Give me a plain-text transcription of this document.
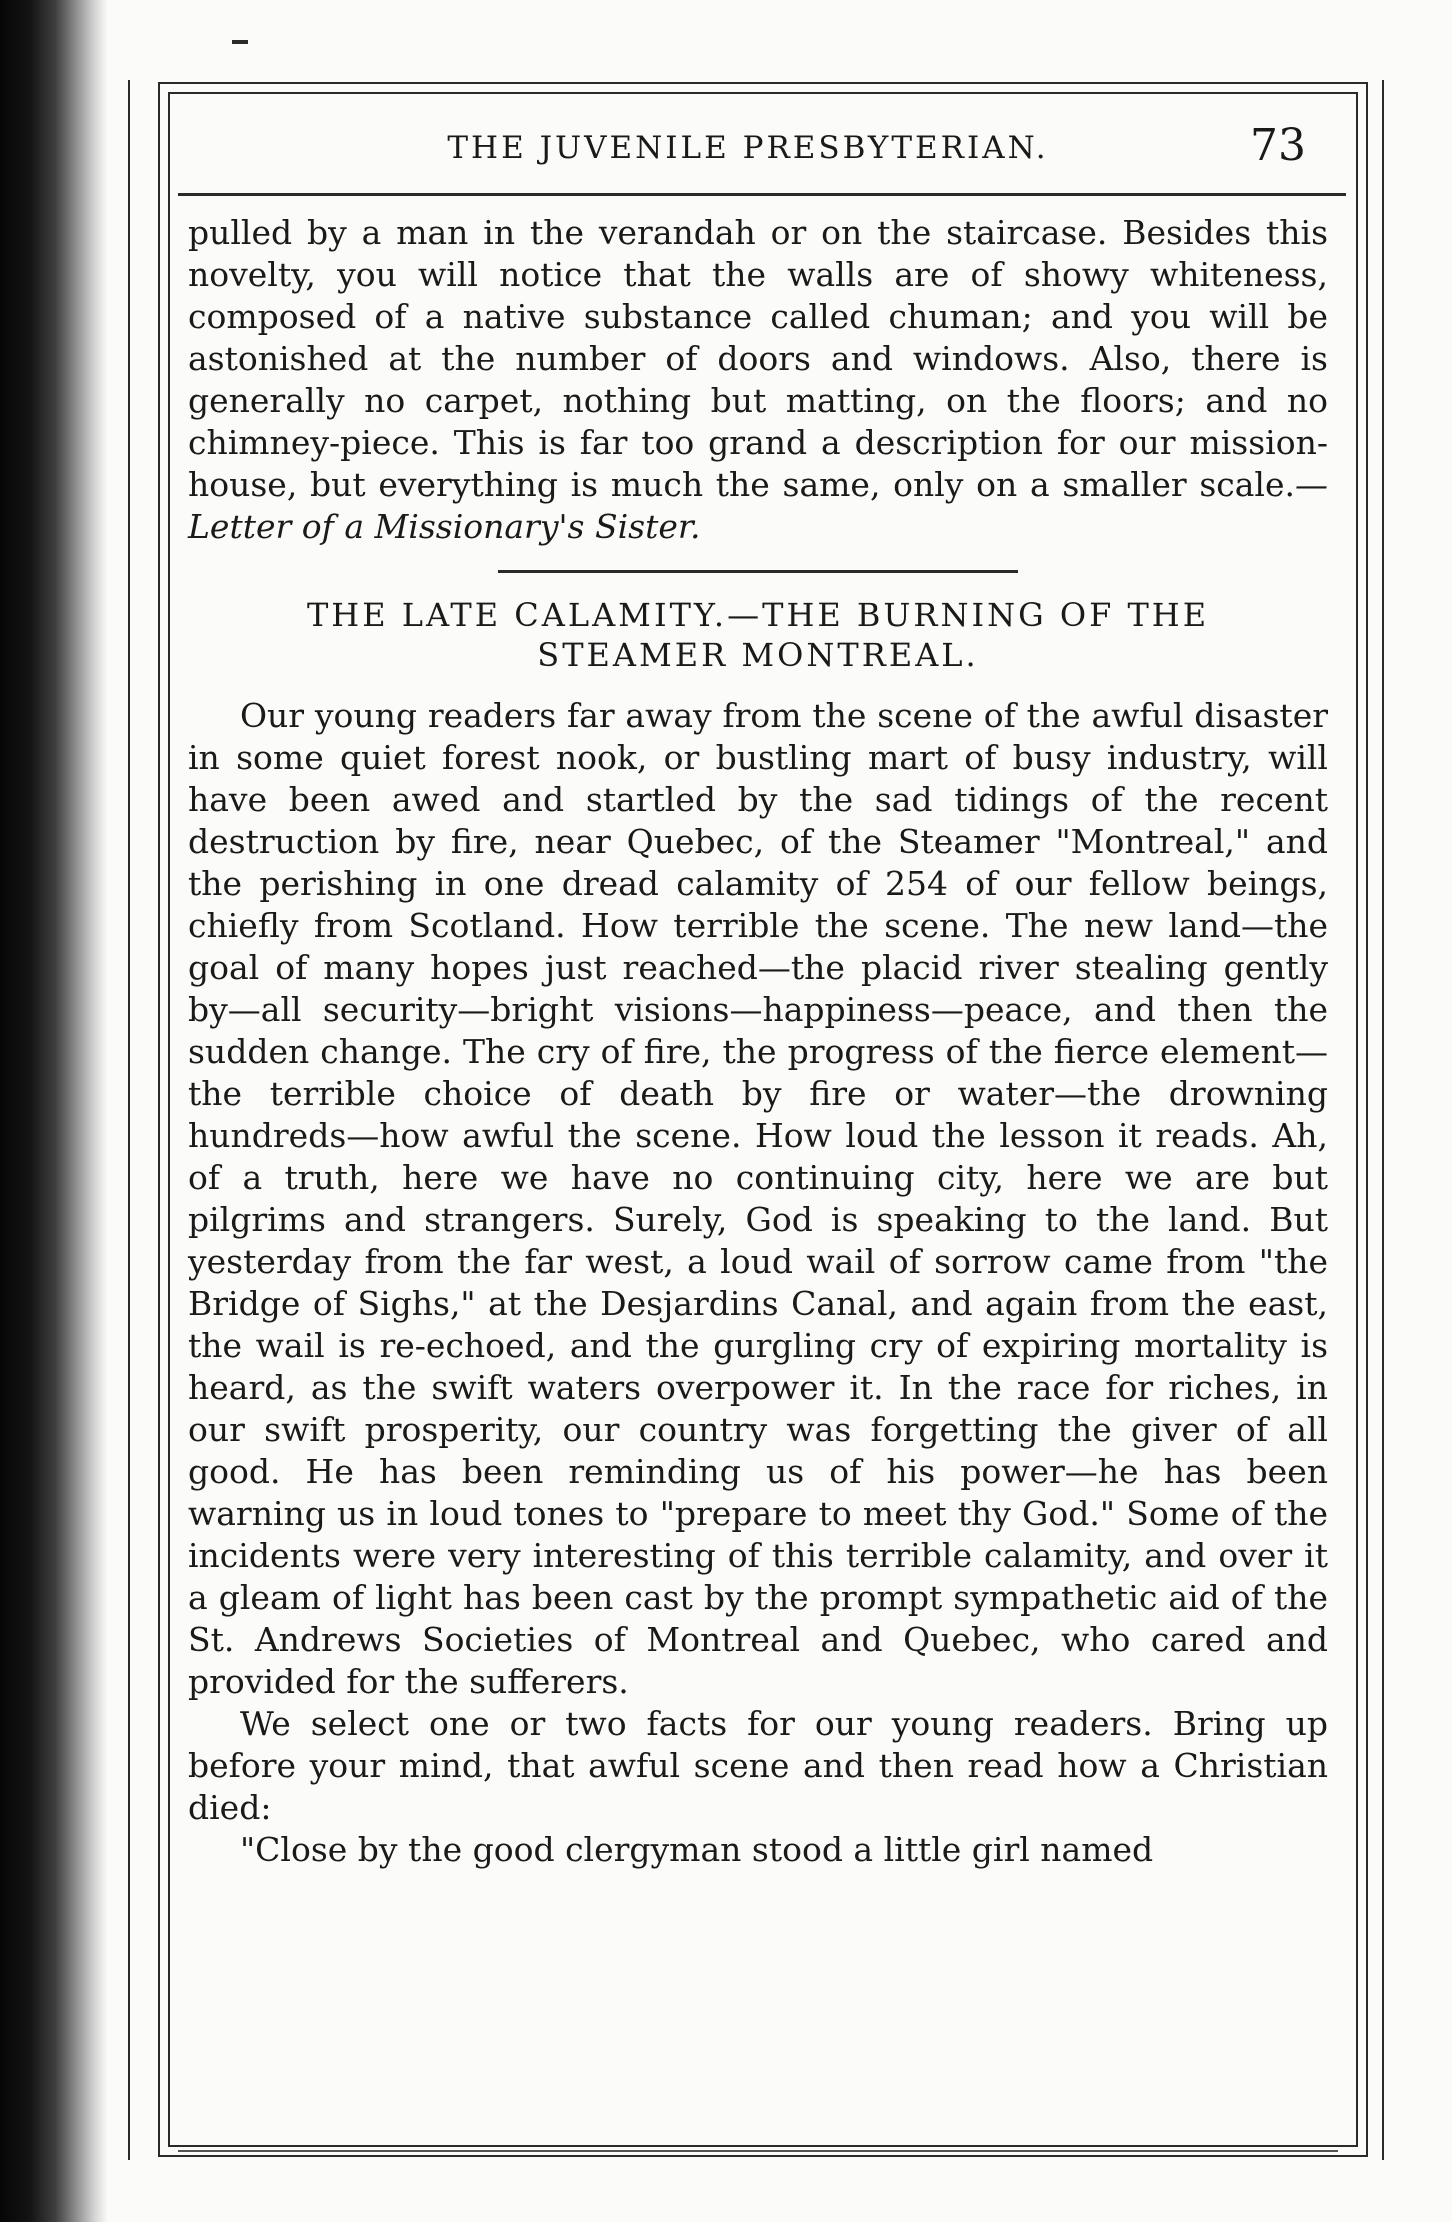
THE JUVENILE PRESBYTERIAN.	73

pulled by a man in the verandah or on the staircase. Besides this novelty, you will notice that the walls are of showy whiteness, composed of a native substance called chuman; and you will be astonished at the number of doors and windows. Also, there is generally no carpet, nothing but matting, on the floors; and no chimney-piece. This is far too grand a description for our mission-house, but everything is much the same, only on a smaller scale.—Letter of a Missionary's Sister.

THE LATE CALAMITY.—THE BURNING OF THE
STEAMER MONTREAL.

Our young readers far away from the scene of the awful disaster in some quiet forest nook, or bustling mart of busy industry, will have been awed and startled by the sad tidings of the recent destruction by fire, near Quebec, of the Steamer "Montreal," and the perishing in one dread calamity of 254 of our fellow beings, chiefly from Scotland. How terrible the scene. The new land—the goal of many hopes just reached—the placid river stealing gently by—all security—bright visions—happiness—peace, and then the sudden change. The cry of fire, the progress of the fierce element—the terrible choice of death by fire or water—the drowning hundreds—how awful the scene. How loud the lesson it reads. Ah, of a truth, here we have no continuing city, here we are but pilgrims and strangers. Surely, God is speaking to the land. But yesterday from the far west, a loud wail of sorrow came from "the Bridge of Sighs," at the Desjardins Canal, and again from the east, the wail is re-echoed, and the gurgling cry of expiring mortality is heard, as the swift waters overpower it. In the race for riches, in our swift prosperity, our country was forgetting the giver of all good. He has been reminding us of his power—he has been warning us in loud tones to "prepare to meet thy God." Some of the incidents were very interesting of this terrible calamity, and over it a gleam of light has been cast by the prompt sympathetic aid of the St. Andrews Societies of Montreal and Quebec, who cared and provided for the sufferers.

We select one or two facts for our young readers. Bring up before your mind, that awful scene and then read how a Christian died:

"Close by the good clergyman stood a little girl named
